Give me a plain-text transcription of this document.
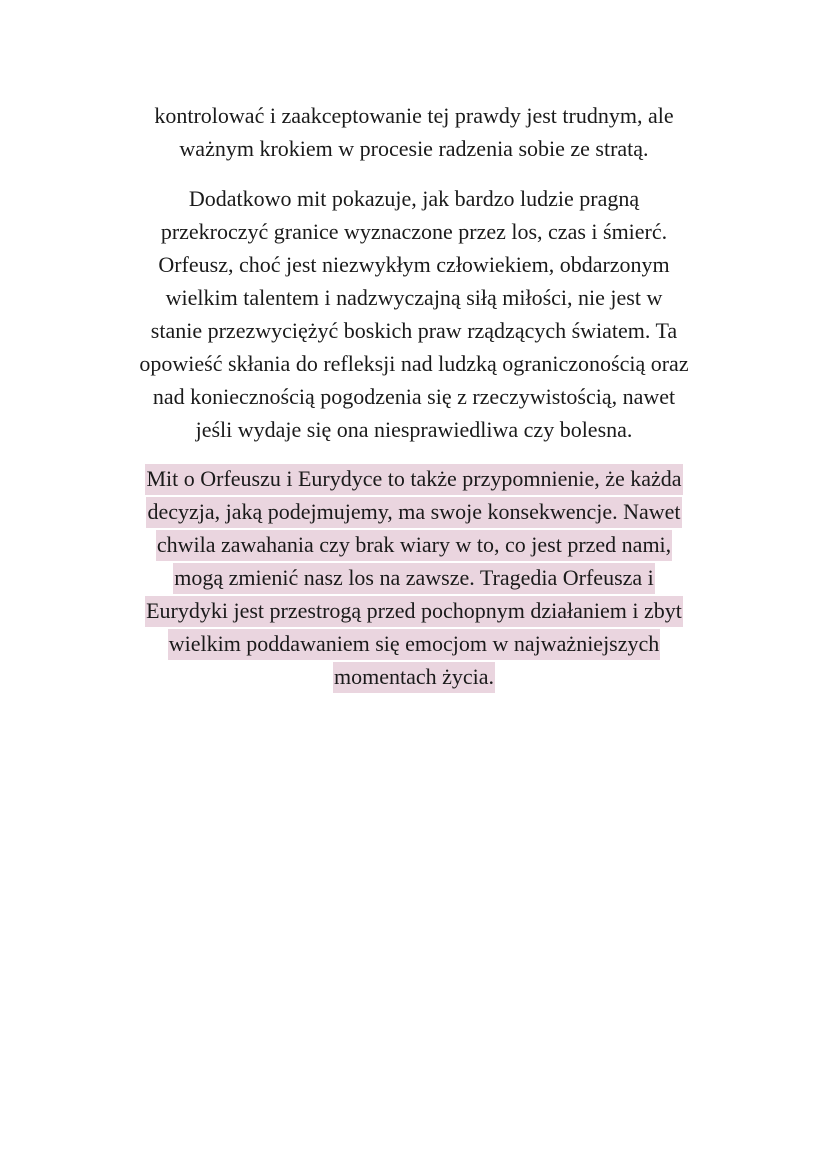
kontrolować i zaakceptowanie tej prawdy jest trudnym, ale
ważnym krokiem w procesie radzenia sobie ze stratą.
Dodatkowo mit pokazuje, jak bardzo ludzie pragną
przekroczyć granice wyznaczone przez los, czas i śmierć.
Orfeusz, choć jest niezwykłym człowiekiem, obdarzonym
wielkim talentem i nadzwyczajną siłą miłości, nie jest w
stanie przezwyciężyć boskich praw rządzących światem. Ta
opowieść skłania do refleksji nad ludzką ograniczonością oraz
nad koniecznością pogodzenia się z rzeczywistością, nawet
jeśli wydaje się ona niesprawiedliwa czy bolesna.
Mit o Orfeuszu i Eurydyce to także przypomnienie, że każda
decyzja, jaką podejmujemy, ma swoje konsekwencje. Nawet
chwila zawahania czy brak wiary w to, co jest przed nami,
mogą zmienić nasz los na zawsze. Tragedia Orfeusza i
Eurydyki jest przestrogą przed pochopnym działaniem i zbyt
wielkim poddawaniem się emocjom w najważniejszych
momentach życia.
